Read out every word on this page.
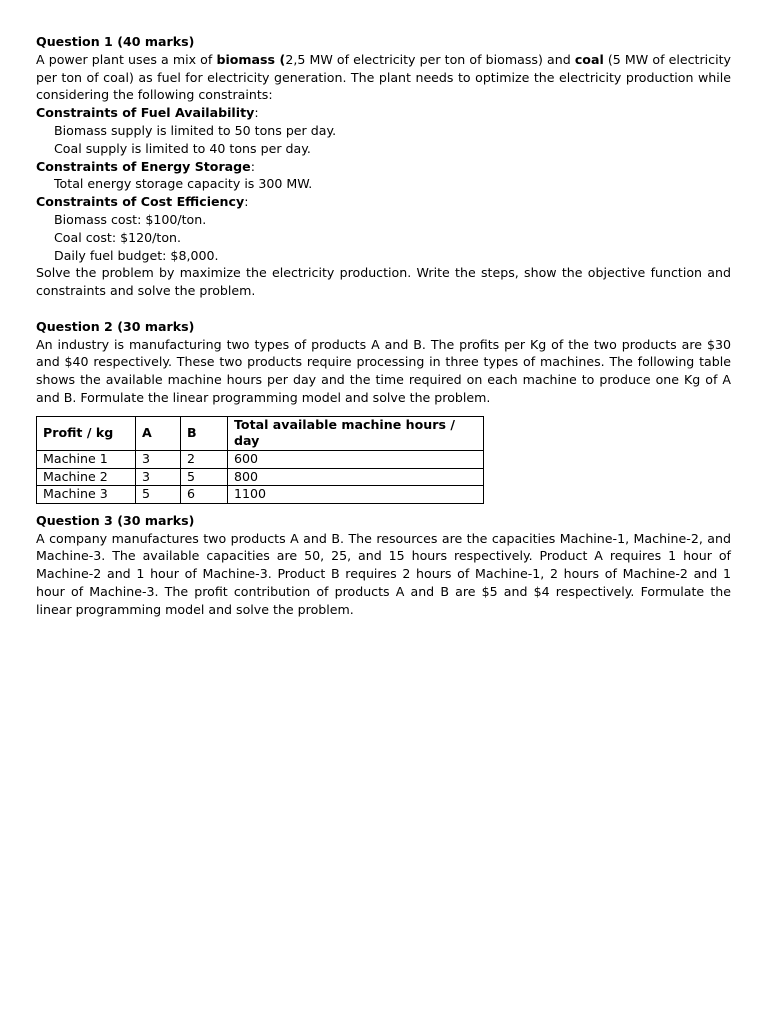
Question 1 (40 marks)
A power plant uses a mix of biomass (2,5 MW of electricity per ton of biomass) and coal (5 MW of electricity per ton of coal) as fuel for electricity generation. The plant needs to optimize the electricity production while considering the following constraints:
Constraints of Fuel Availability:
Biomass supply is limited to 50 tons per day.
Coal supply is limited to 40 tons per day.
Constraints of Energy Storage:
Total energy storage capacity is 300 MW.
Constraints of Cost Efficiency:
Biomass cost: $100/ton.
Coal cost: $120/ton.
Daily fuel budget: $8,000.
Solve the problem by maximize the electricity production. Write the steps, show the objective function and constraints and solve the problem.
Question 2 (30 marks)
An industry is manufacturing two types of products A and B. The profits per Kg of the two products are $30 and $40 respectively. These two products require processing in three types of machines. The following table shows the available machine hours per day and the time required on each machine to produce one Kg of A and B. Formulate the linear programming model and solve the problem.
Profit / kg	A	B	Total available machine hours / day
Machine 1	3	2	600
Machine 2	3	5	800
Machine 3	5	6	1100
Question 3 (30 marks)
A company manufactures two products A and B. The resources are the capacities Machine-1, Machine-2, and Machine-3. The available capacities are 50, 25, and 15 hours respectively. Product A requires 1 hour of Machine-2 and 1 hour of Machine-3. Product B requires 2 hours of Machine-1, 2 hours of Machine-2 and 1 hour of Machine-3. The profit contribution of products A and B are $5 and $4 respectively. Formulate the linear programming model and solve the problem.
